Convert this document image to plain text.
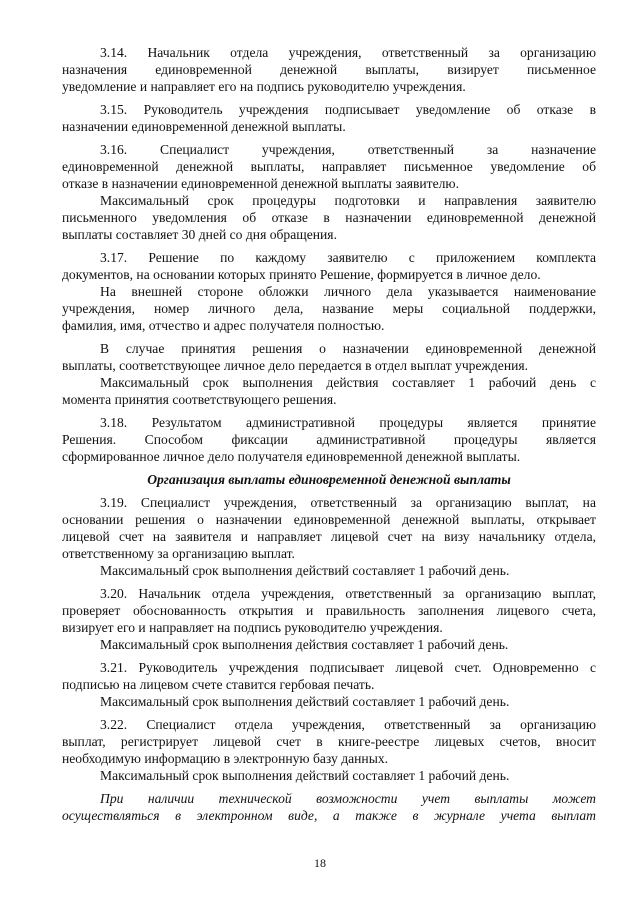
3.14. Начальник отдела учреждения, ответственный за организацию
назначения единовременной денежной выплаты, визирует письменное
уведомление и направляет его на подпись руководителю учреждения.
3.15. Руководитель учреждения подписывает уведомление об отказе в
назначении единовременной денежной выплаты.
3.16. Специалист учреждения, ответственный за назначение
единовременной денежной выплаты, направляет письменное уведомление об
отказе в назначении единовременной денежной выплаты заявителю.
Максимальный срок процедуры подготовки и направления заявителю
письменного уведомления об отказе в назначении единовременной денежной
выплаты составляет 30 дней со дня обращения.
3.17. Решение по каждому заявителю с приложением комплекта
документов, на основании которых принято Решение, формируется в личное дело.
На внешней стороне обложки личного дела указывается наименование
учреждения, номер личного дела, название меры социальной поддержки,
фамилия, имя, отчество и адрес получателя полностью.
В случае принятия решения о назначении единовременной денежной
выплаты, соответствующее личное дело передается в отдел выплат учреждения.
Максимальный срок выполнения действия составляет 1 рабочий день с
момента принятия соответствующего решения.
3.18. Результатом административной процедуры является принятие
Решения. Способом фиксации административной процедуры является
сформированное личное дело получателя единовременной денежной выплаты.
Организация выплаты единовременной денежной выплаты
3.19. Специалист учреждения, ответственный за организацию выплат, на
основании решения о назначении единовременной денежной выплаты, открывает
лицевой счет на заявителя и направляет лицевой счет на визу начальнику отдела,
ответственному за организацию выплат.
Максимальный срок выполнения действий составляет 1 рабочий день.
3.20. Начальник отдела учреждения, ответственный за организацию выплат,
проверяет обоснованность открытия и правильность заполнения лицевого счета,
визирует его и направляет на подпись руководителю учреждения.
Максимальный срок выполнения действия составляет 1 рабочий день.
3.21. Руководитель учреждения подписывает лицевой счет. Одновременно с
подписью на лицевом счете ставится гербовая печать.
Максимальный срок выполнения действий составляет 1 рабочий день.
3.22. Специалист отдела учреждения, ответственный за организацию
выплат, регистрирует лицевой счет в книге-реестре лицевых счетов, вносит
необходимую информацию в электронную базу данных.
Максимальный срок выполнения действий составляет 1 рабочий день.
При наличии технической возможности учет выплаты может
осуществляться в электронном виде, а также в журнале учета выплат
18
